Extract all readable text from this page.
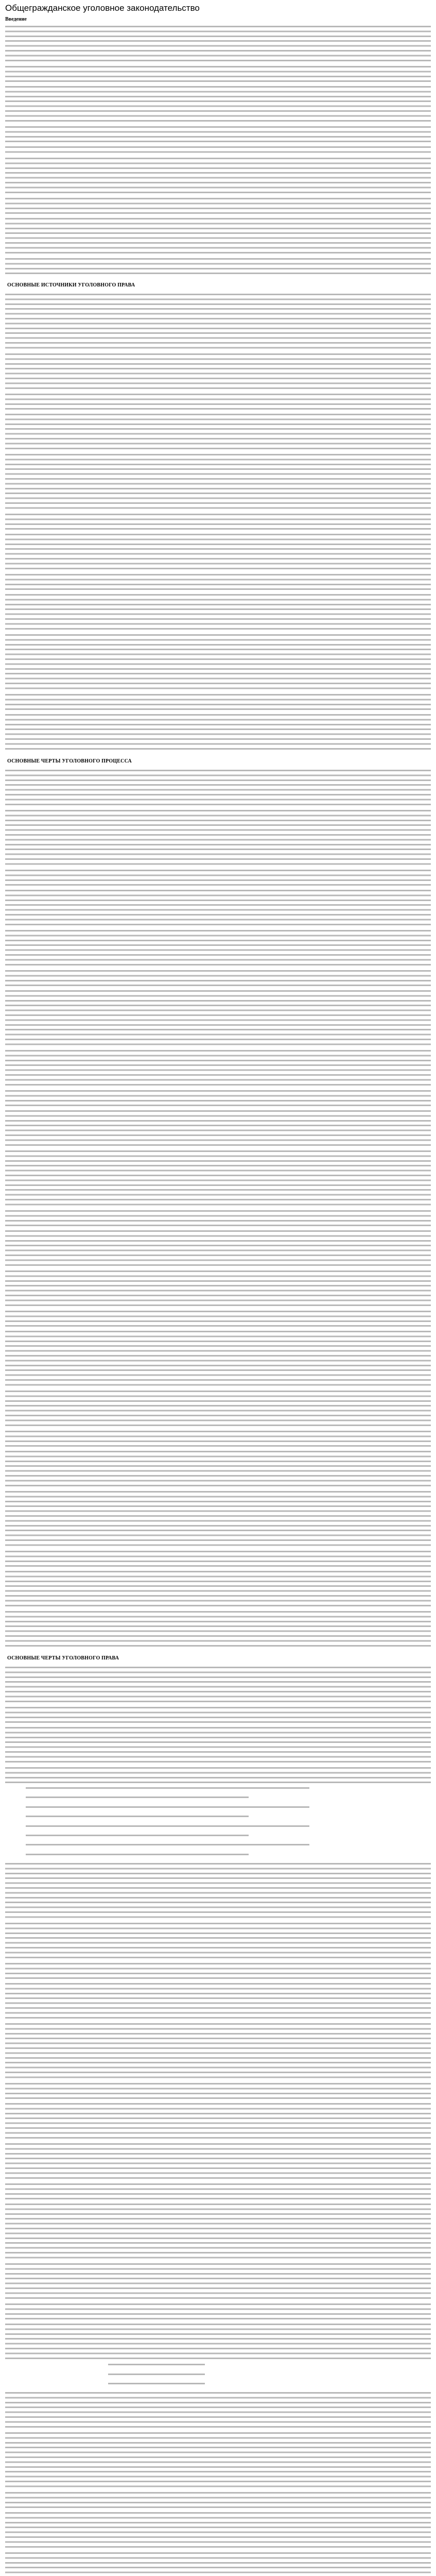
Общегражданское уголовное законодательство
Введение

ОСНОВНЫЕ ИСТОЧНИКИ УГОЛОВНОГО ПРАВА

ОСНОВНЫЕ ЧЕРТЫ УГОЛОВНОГО ПРОЦЕССА

ОСНОВНЫЕ ЧЕРТЫ УГОЛОВНОГО ПРАВА
